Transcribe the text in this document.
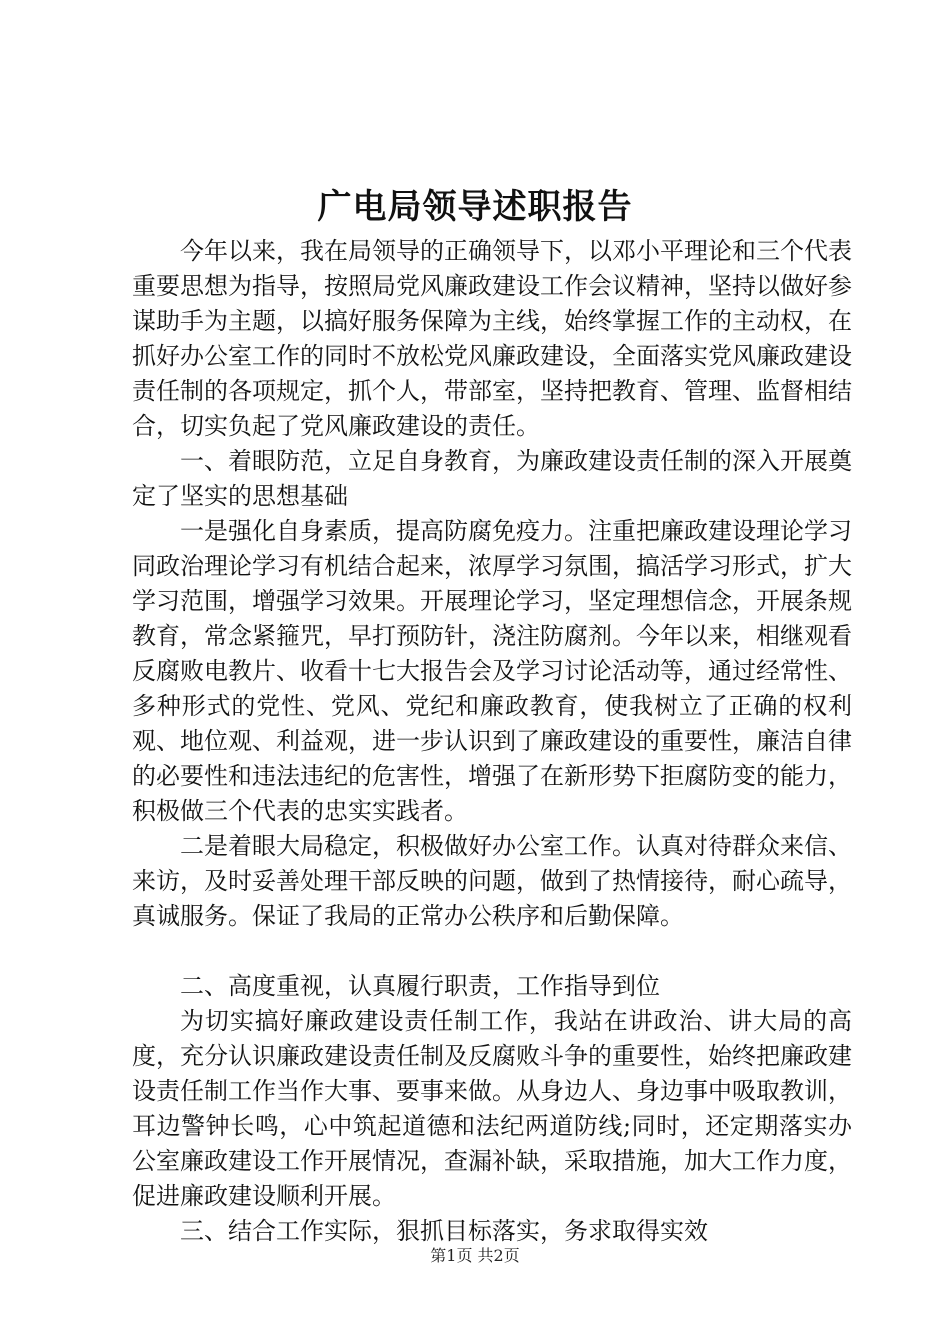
广电局领导述职报告

今年以来，我在局领导的正确领导下，以邓小平理论和三个代表重要思想为指导，按照局党风廉政建设工作会议精神，坚持以做好参谋助手为主题，以搞好服务保障为主线，始终掌握工作的主动权，在抓好办公室工作的同时不放松党风廉政建设，全面落实党风廉政建设责任制的各项规定，抓个人，带部室，坚持把教育、管理、监督相结合，切实负起了党风廉政建设的责任。

一、着眼防范，立足自身教育，为廉政建设责任制的深入开展奠定了坚实的思想基础

一是强化自身素质，提高防腐免疫力。注重把廉政建设理论学习同政治理论学习有机结合起来，浓厚学习氛围，搞活学习形式，扩大学习范围，增强学习效果。开展理论学习，坚定理想信念，开展条规教育，常念紧箍咒，早打预防针，浇注防腐剂。今年以来，相继观看反腐败电教片、收看十七大报告会及学习讨论活动等，通过经常性、多种形式的党性、党风、党纪和廉政教育，使我树立了正确的权利观、地位观、利益观，进一步认识到了廉政建设的重要性，廉洁自律的必要性和违法违纪的危害性，增强了在新形势下拒腐防变的能力，积极做三个代表的忠实实践者。

二是着眼大局稳定，积极做好办公室工作。认真对待群众来信、来访，及时妥善处理干部反映的问题，做到了热情接待，耐心疏导，真诚服务。保证了我局的正常办公秩序和后勤保障。

二、高度重视，认真履行职责，工作指导到位

为切实搞好廉政建设责任制工作，我站在讲政治、讲大局的高度，充分认识廉政建设责任制及反腐败斗争的重要性，始终把廉政建设责任制工作当作大事、要事来做。从身边人、身边事中吸取教训，耳边警钟长鸣，心中筑起道德和法纪两道防线;同时，还定期落实办公室廉政建设工作开展情况，查漏补缺，采取措施，加大工作力度，促进廉政建设顺利开展。

三、结合工作实际，狠抓目标落实，务求取得实效

第1页 共2页
